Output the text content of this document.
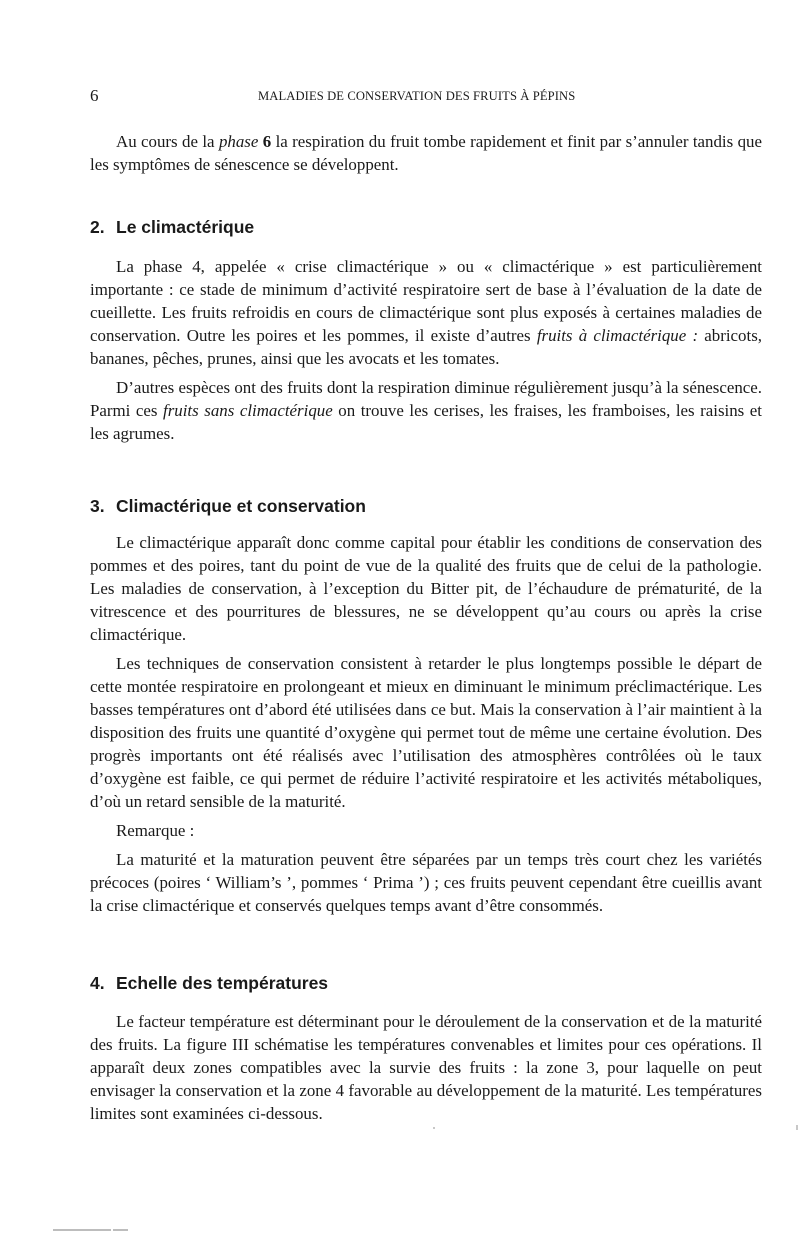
6	MALADIES DE CONSERVATION DES FRUITS À PÉPINS

Au cours de la phase 6 la respiration du fruit tombe rapidement et finit par s’annuler tandis que les symptômes de sénescence se développent.

2. Le climactérique

La phase 4, appelée « crise climactérique » ou « climactérique » est particulièrement importante : ce stade de minimum d’activité respiratoire sert de base à l’évaluation de la date de cueillette. Les fruits refroidis en cours de climactérique sont plus exposés à certaines maladies de conservation. Outre les poires et les pommes, il existe d’autres fruits à climactérique : abricots, bananes, pêches, prunes, ainsi que les avocats et les tomates.

D’autres espèces ont des fruits dont la respiration diminue régulièrement jusqu’à la sénescence. Parmi ces fruits sans climactérique on trouve les cerises, les fraises, les framboises, les raisins et les agrumes.

3. Climactérique et conservation

Le climactérique apparaît donc comme capital pour établir les conditions de conservation des pommes et des poires, tant du point de vue de la qualité des fruits que de celui de la pathologie. Les maladies de conservation, à l’exception du Bitter pit, de l’échaudure de prématurité, de la vitrescence et des pourritures de blessures, ne se développent qu’au cours ou après la crise climactérique.

Les techniques de conservation consistent à retarder le plus longtemps possible le départ de cette montée respiratoire en prolongeant et mieux en diminuant le minimum préclimactérique. Les basses températures ont d’abord été utilisées dans ce but. Mais la conservation à l’air maintient à la disposition des fruits une quantité d’oxygène qui permet tout de même une certaine évolution. Des progrès importants ont été réalisés avec l’utilisation des atmosphères contrôlées où le taux d’oxygène est faible, ce qui permet de réduire l’activité respiratoire et les activités métaboliques, d’où un retard sensible de la maturité.

Remarque :

La maturité et la maturation peuvent être séparées par un temps très court chez les variétés précoces (poires ‘ William’s ’, pommes ‘ Prima ’) ; ces fruits peuvent cependant être cueillis avant la crise climactérique et conservés quelques temps avant d’être consommés.

4. Echelle des températures

Le facteur température est déterminant pour le déroulement de la conservation et de la maturité des fruits. La figure III schématise les températures convenables et limites pour ces opérations. Il apparaît deux zones compatibles avec la survie des fruits : la zone 3, pour laquelle on peut envisager la conservation et la zone 4 favorable au développement de la maturité. Les températures limites sont examinées ci-dessous.
